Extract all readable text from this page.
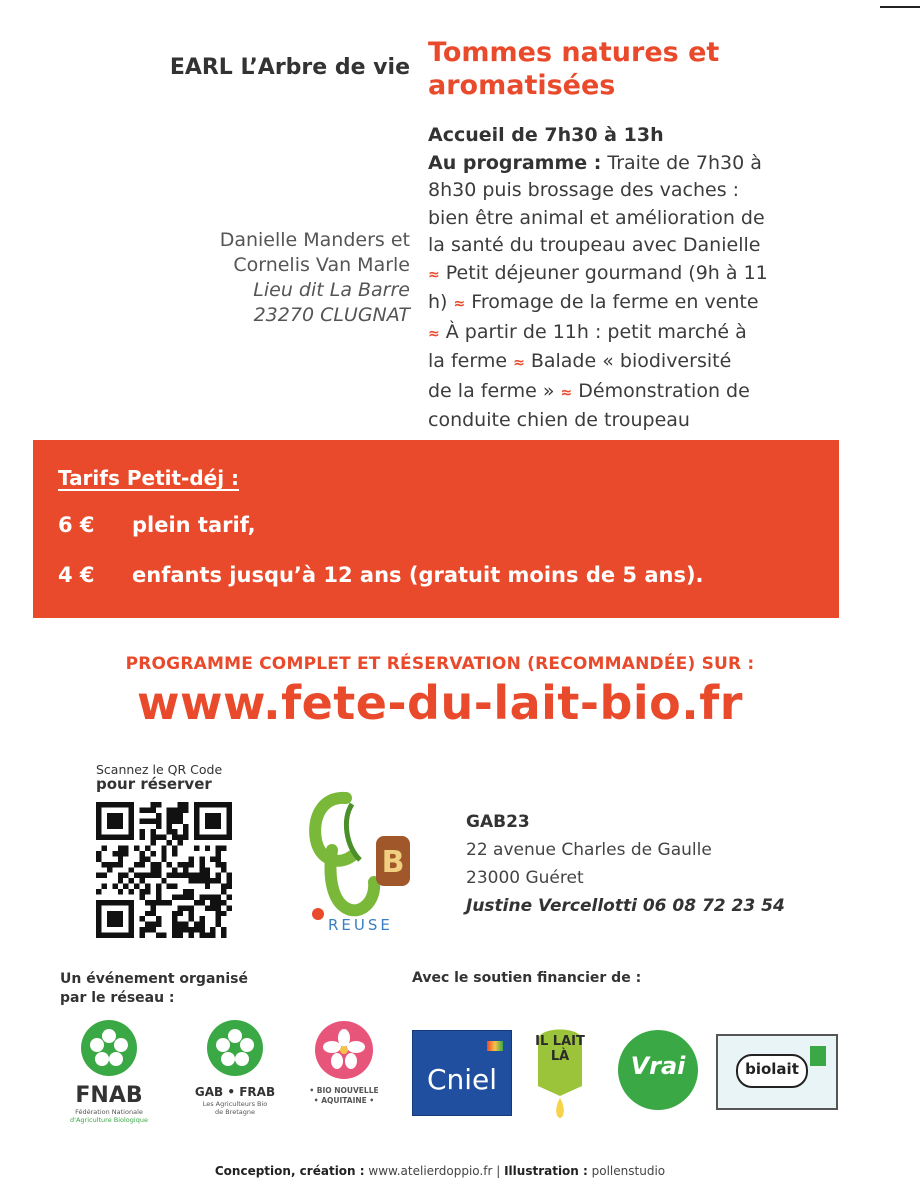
EARL L’Arbre de vie Tommes natures et
aromatisées
Danielle Manders et
Cornelis Van Marle
Lieu dit La Barre
23270 CLUGNAT
Accueil de 7h30 à 13h
Au programme : Traite de 7h30 à
8h30 puis brossage des vaches :
bien être animal et amélioration de
la santé du troupeau avec Danielle
≈ Petit déjeuner gourmand (9h à 11
h) ≈ Fromage de la ferme en vente
≈ À partir de 11h : petit marché à
la ferme ≈ Balade « biodiversité
de la ferme » ≈ Démonstration de
conduite chien de troupeau
Tarifs Petit-déj :
6 € plein tarif,
4 € enfants jusqu’à 12 ans (gratuit moins de 5 ans).
PROGRAMME COMPLET ET RÉSERVATION (RECOMMANDÉE) SUR :
www.fete-du-lait-bio.fr
Scannez le QR Code
pour réserver
B
REUSE
GAB23
22 avenue Charles de Gaulle
23000 Guéret
Justine Vercellotti 06 08 72 23 54
Un événement organisé
par le réseau :
Avec le soutien financier de :
FNAB
Fédération Nationale
d'Agriculture Biologique
GAB • FRAB
Les Agriculteurs Bio
de Bretagne
• BIO NOUVELLE
• AQUITAINE •
Cniel
IL LAIT LÀ	Vrai	biolait
Conception, création : www.atelierdoppio.fr | Illustration : pollenstudio
